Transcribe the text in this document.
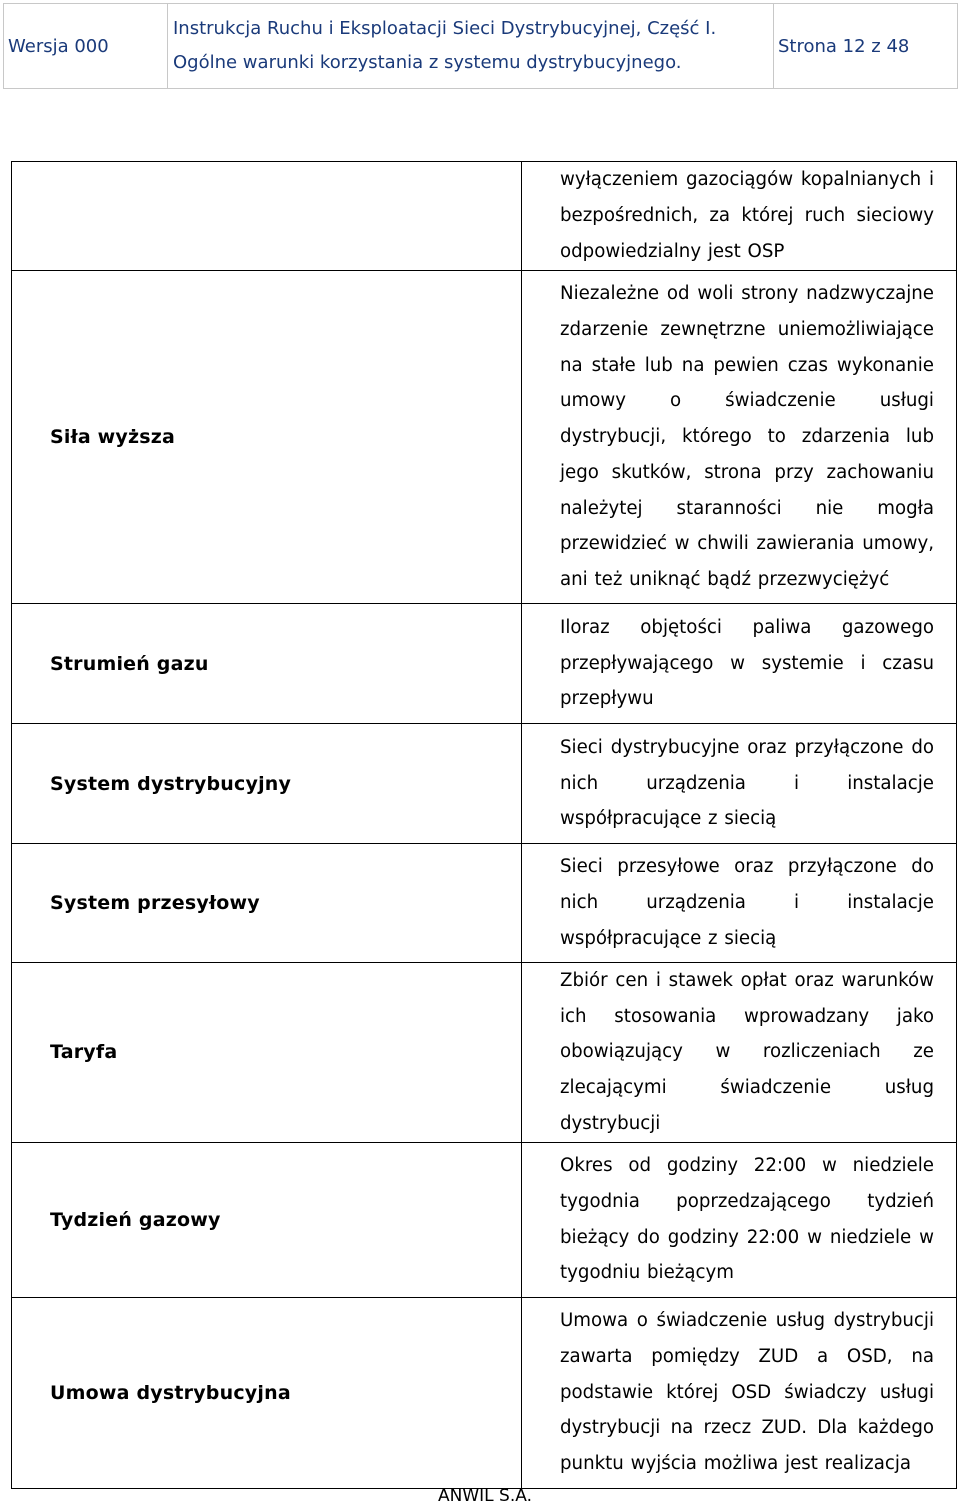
Wersja 000	
Instrukcja Ruchu i Eksploatacji Sieci Dystrybucyjnej, Część I.
Ogólne warunki korzystania z systemu dystrybucyjnego.
	Strona 12 z 48
	wyłączeniem gazociągów kopalnianych i bezpośrednich, za której ruch sieciowy odpowiedzialny jest OSP
Siła wyższa	Niezależne od woli strony nadzwyczajne zdarzenie zewnętrzne uniemożliwiające na stałe lub na pewien czas wykonanie umowy o świadczenie usługi dystrybucji, którego to zdarzenia lub jego skutków, strona przy zachowaniu należytej staranności nie mogła przewidzieć w chwili zawierania umowy, ani też uniknąć bądź przezwyciężyć
Strumień gazu	Iloraz objętości paliwa gazowego przepływającego w systemie i czasu przepływu
System dystrybucyjny	Sieci dystrybucyjne oraz przyłączone do nich urządzenia i instalacje współpracujące z siecią
System przesyłowy	Sieci przesyłowe oraz przyłączone do nich urządzenia i instalacje współpracujące z siecią
Taryfa	Zbiór cen i stawek opłat oraz warunków ich stosowania wprowadzany jako obowiązujący w rozliczeniach ze zlecającymi świadczenie usług dystrybucji
Tydzień gazowy	Okres od godziny 22:00 w niedziele tygodnia poprzedzającego tydzień bieżący do godziny 22:00 w niedziele w tygodniu bieżącym
Umowa dystrybucyjna	Umowa o świadczenie usług dystrybucji zawarta pomiędzy ZUD a OSD, na podstawie której OSD świadczy usługi dystrybucji na rzecz ZUD. Dla każdego punktu wyjścia możliwa jest realizacja
ANWIL S.A.
